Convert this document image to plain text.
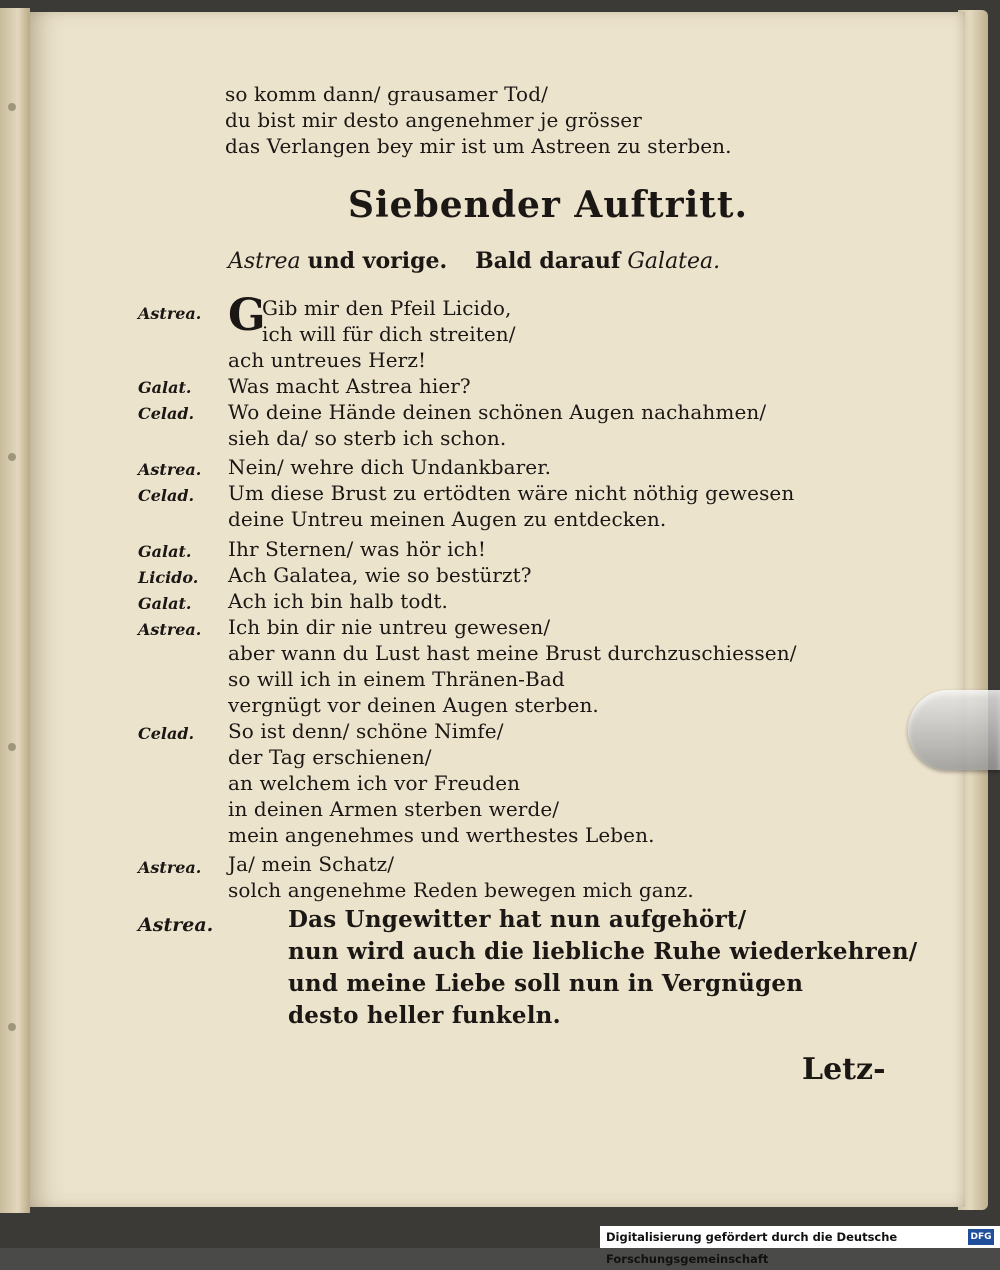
so komm dann/ grausamer Tod/
du bist mir desto angenehmer je grösser
das Verlangen bey mir ist um Astreen zu sterben.
Siebender Auftritt.
Astrea und vorige. Bald darauf Galatea.
Astrea.
Galat.
Celad.
Astrea.
Celad.
Galat.
Licido.
Galat.
Astrea.
Celad.
Astrea.
G
Gib mir den Pfeil Licido,
ich will für dich streiten/
ach untreues Herz!
Was macht Astrea hier?
Wo deine Hände deinen schönen Augen nachahmen/
sieh da/ so sterb ich schon.
Nein/ wehre dich Undankbarer.
Um diese Brust zu ertödten wäre nicht nöthig gewesen
deine Untreu meinen Augen zu entdecken.
Ihr Sternen/ was hör ich!
Ach Galatea, wie so bestürzt?
Ach ich bin halb todt.
Ich bin dir nie untreu gewesen/
aber wann du Lust hast meine Brust durchzuschiessen/
so will ich in einem Thränen-Bad
vergnügt vor deinen Augen sterben.
So ist denn/ schöne Nimfe/
der Tag erschienen/
an welchem ich vor Freuden
in deinen Armen sterben werde/
mein angenehmes und werthestes Leben.
Ja/ mein Schatz/
solch angenehme Reden bewegen mich ganz.
Astrea.	Das Ungewitter hat nun aufgehört/
nun wird auch die liebliche Ruhe wiederkehren/
und meine Liebe soll nun in Vergnügen
desto heller funkeln.
Letz-
Digitalisierung gefördert durch die Deutsche Forschungsgemeinschaft
DFG
